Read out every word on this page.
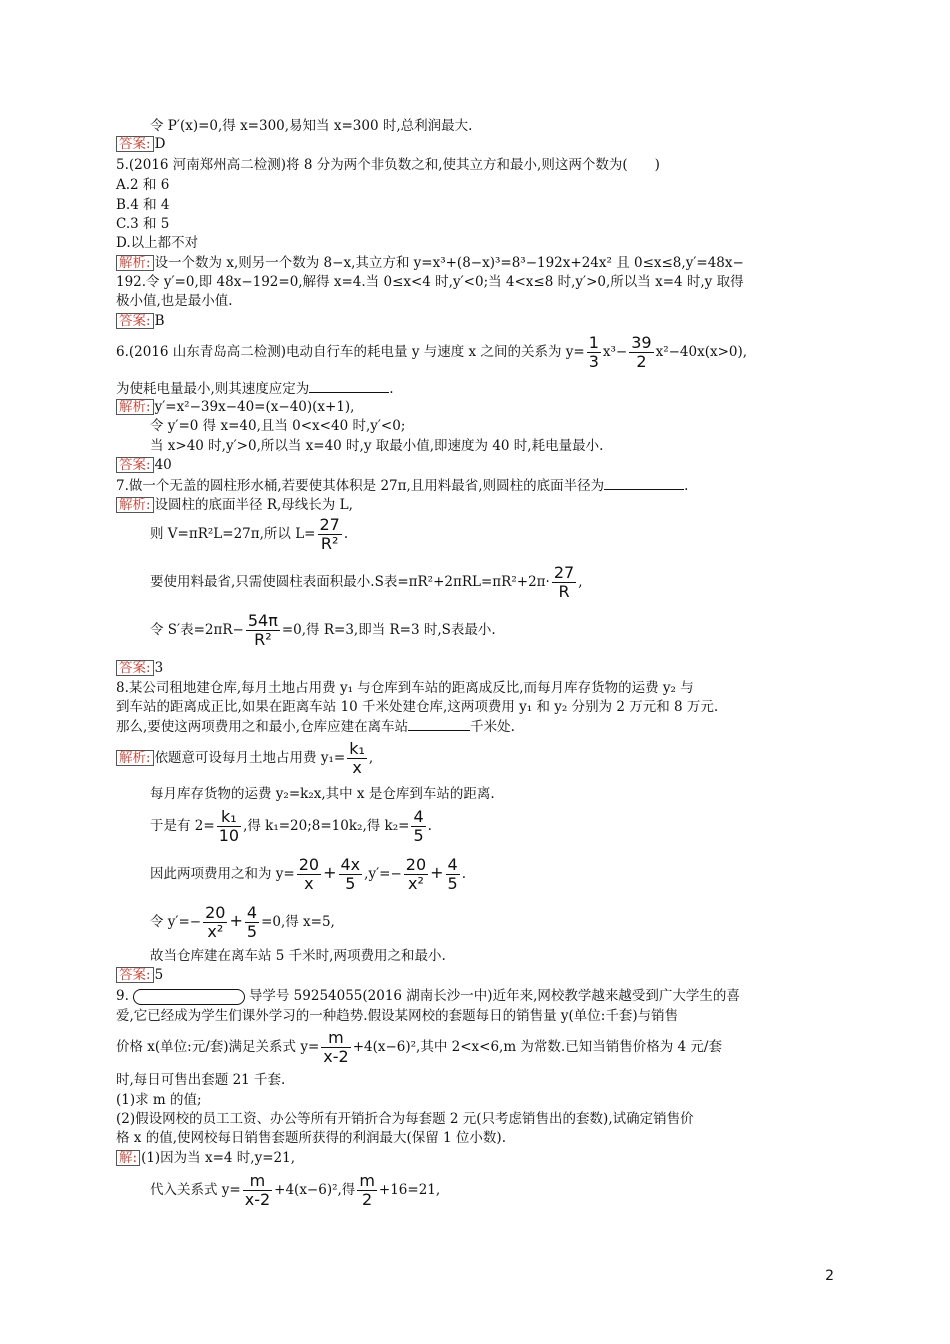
令 P′(x)=0,得 x=300,易知当 x=300 时,总利润最大.
答案: D
5.(2016 河南郑州高二检测)将 8 分为两个非负数之和,使其立方和最小,则这两个数为(　　)
A.2 和 6
B.4 和 4
C.3 和 5
D.以上都不对
解析: 设一个数为 x,则另一个数为 8−x,其立方和 y=x³+(8−x)³=8³−192x+24x² 且 0≤x≤8,y′=48x−
192.令 y′=0,即 48x−192=0,解得 x=4.当 0≤x<4 时,y′<0;当 4<x≤8 时,y′>0,所以当 x=4 时,y 取得
极小值,也是最小值.
答案: B
6.(2016 山东青岛高二检测)电动自行车的耗电量 y 与速度 x 之间的关系为 $y= \frac{1}{3} x^3- \frac{39}{2} x^2-40x(x>0)$,
为使耗电量最小,则其速度应定为	.
解析: y′=x²−39x−40=(x−40)(x+1),
令 y′=0 得 x=40,且当 0<x<40 时,y′<0;
当 x>40 时,y′>0,所以当 x=40 时,y 取最小值,即速度为 40 时,耗电量最小.
答案: 40
7.做一个无盖的圆柱形水桶,若要使其体积是 27π,且用料最省,则圆柱的底面半径为	.
解析: 设圆柱的底面半径 R,母线长为 L,
则 V=πR²L=27π,所以 $L= \frac{27}{\text{R²}}$ .
要使用料最省,只需使圆柱表面积最小.S表$=\pi R^2+2\pi RL=\pi R^2+2\pi\cdot \frac{27}{R}$ ,
令 S′表$=2\pi R- \frac{54\pi}{\text{R²}} =0$,得 R=3,即当 R=3 时,S表最小.
答案: 3
8.某公司租地建仓库,每月土地占用费 y₁ 与仓库到车站的距离成反比,而每月库存货物的运费 y₂ 与
到车站的距离成正比,如果在距离车站 10 千米处建仓库,这两项费用 y₁ 和 y₂ 分别为 2 万元和 8 万元.
那么,要使这两项费用之和最小,仓库应建在离车站	千米处.
解析: 依题意可设每月土地占用费 $y_1= \frac{\text{k₁}}{x}$ ,
每月库存货物的运费 y₂=k₂x,其中 x 是仓库到车站的距离.
于是有 $2= \frac{\text{k₁}}{10}$ ,得 k₁=20;8=10k₂,得 $k_2= \frac{4}{5}$ .
因此两项费用之和为 $y= \frac{20}{x} + \frac{4x}{5} ,y'=- \frac{20}{\text{x²}} + \frac{4}{5}$ .
令 $y'=- \frac{20}{\text{x²}} + \frac{4}{5} =0$,得 x=5,
故当仓库建在离车站 5 千米时,两项费用之和最小.
答案: 5
9.	导学号 59254055(2016 湖南长沙一中)近年来,网校教学越来越受到广大学生的喜
爱,它已经成为学生们课外学习的一种趋势.假设某网校的套题每日的销售量 y(单位:千套)与销售
价格 x(单位:元/套)满足关系式 $y= \frac{m}{x-2} +4(x-6)^2$,其中 2<x<6,m 为常数.已知当销售价格为 4 元/套
时,每日可售出套题 21 千套.
(1)求 m 的值;
(2)假设网校的员工工资、办公等所有开销折合为每套题 2 元(只考虑销售出的套数),试确定销售价
格 x 的值,使网校每日销售套题所获得的利润最大(保留 1 位小数).
解: (1)因为当 x=4 时,y=21,
代入关系式 $y= \frac{m}{x-2} +4(x-6)^2$,得 $\frac{m}{2} +16=21$,
2
